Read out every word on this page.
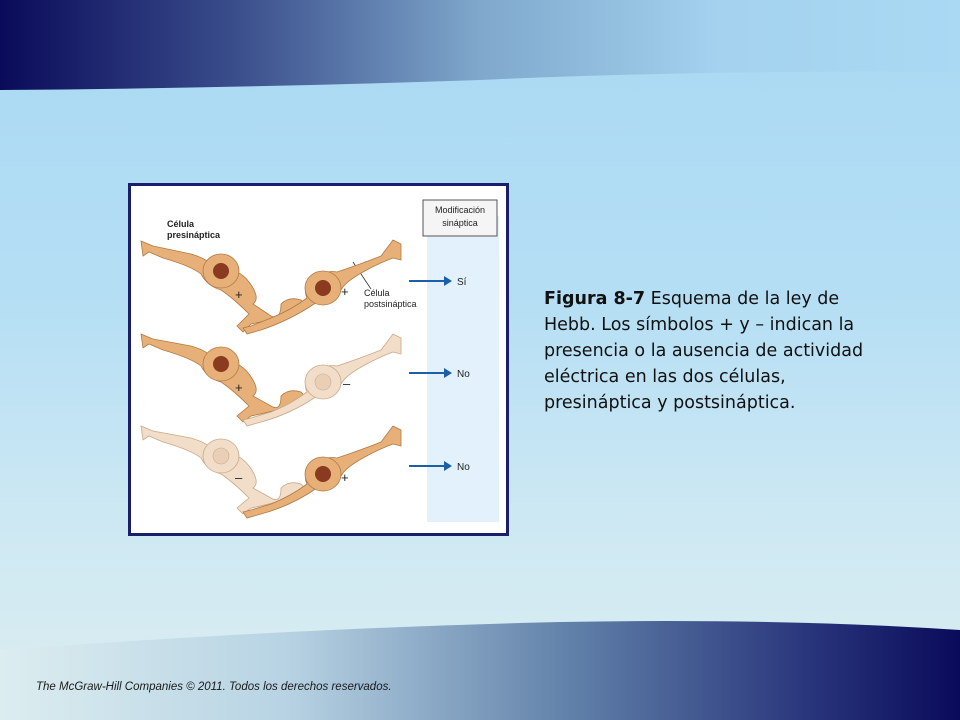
Modificación
sináptica
Célula
presináptica
Célula
postsináptica
+	+
Sí
+	–
No
–	+
No
Figura 8-7 Esquema de la ley de Hebb. Los símbolos + y – indican la presencia o la ausencia de actividad eléctrica en las dos células, presináptica y postsináptica.
The McGraw-Hill Companies © 2011. Todos los derechos reservados.
